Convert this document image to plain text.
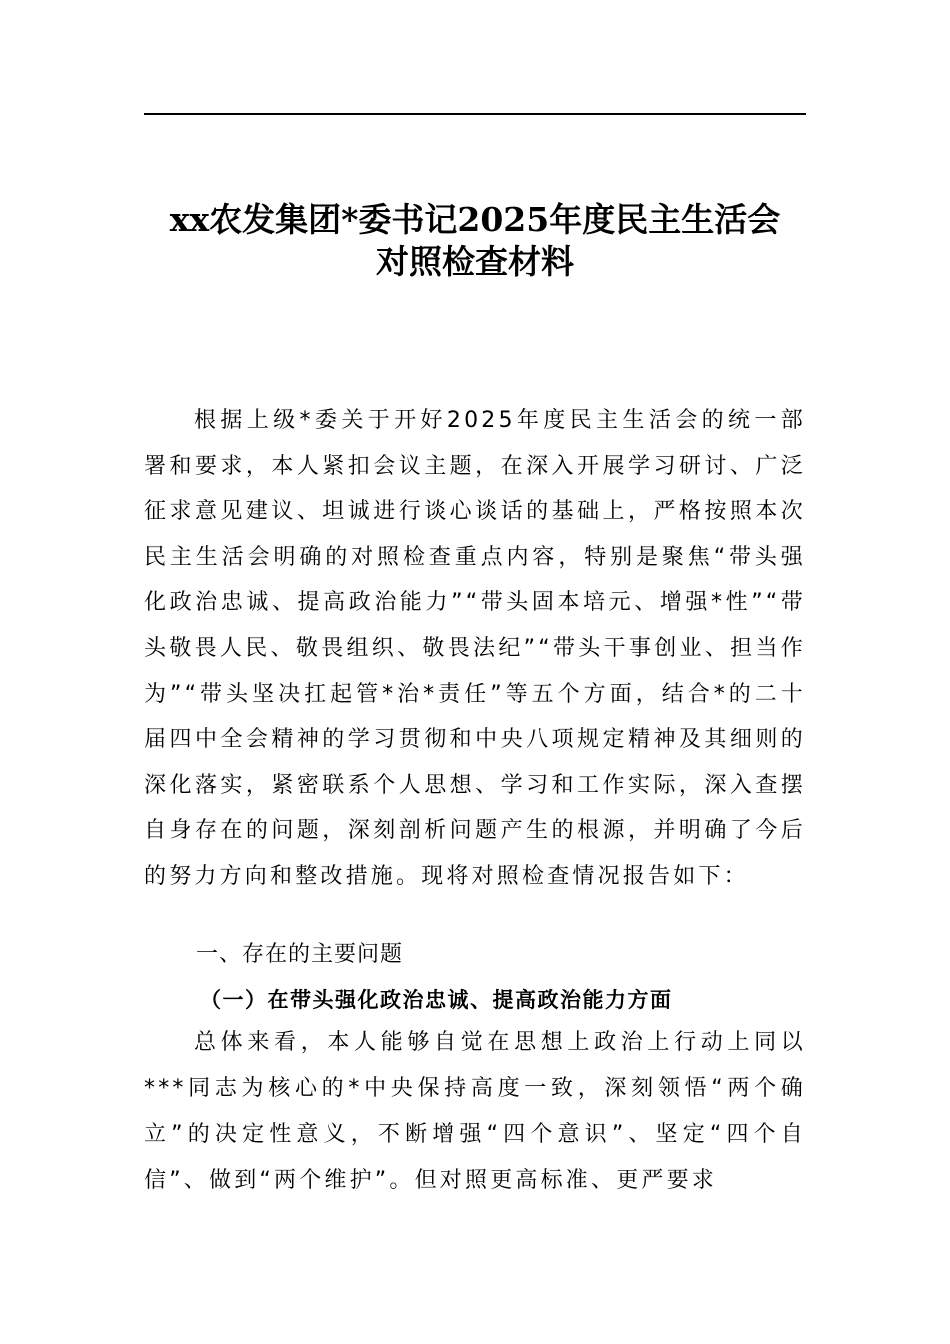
xx农发集团*委书记2025年度民主生活会
对照检查材料

根据上级*委关于开好2025年度民主生活会的统一部署和要求，本人紧扣会议主题，在深入开展学习研讨、广泛征求意见建议、坦诚进行谈心谈话的基础上，严格按照本次民主生活会明确的对照检查重点内容，特别是聚焦“带头强化政治忠诚、提高政治能力”“带头固本培元、增强*性”“带头敬畏人民、敬畏组织、敬畏法纪”“带头干事创业、担当作为”“带头坚决扛起管*治*责任”等五个方面，结合*的二十届四中全会精神的学习贯彻和中央八项规定精神及其细则的深化落实，紧密联系个人思想、学习和工作实际，深入查摆自身存在的问题，深刻剖析问题产生的根源，并明确了今后的努力方向和整改措施。现将对照检查情况报告如下：

一、存在的主要问题
（一）在带头强化政治忠诚、提高政治能力方面

总体来看，本人能够自觉在思想上政治上行动上同以***同志为核心的*中央保持高度一致，深刻领悟“两个确立”的决定性意义，不断增强“四个意识”、坚定“四个自信”、做到“两个维护”。但对照更高标准、更严要求
